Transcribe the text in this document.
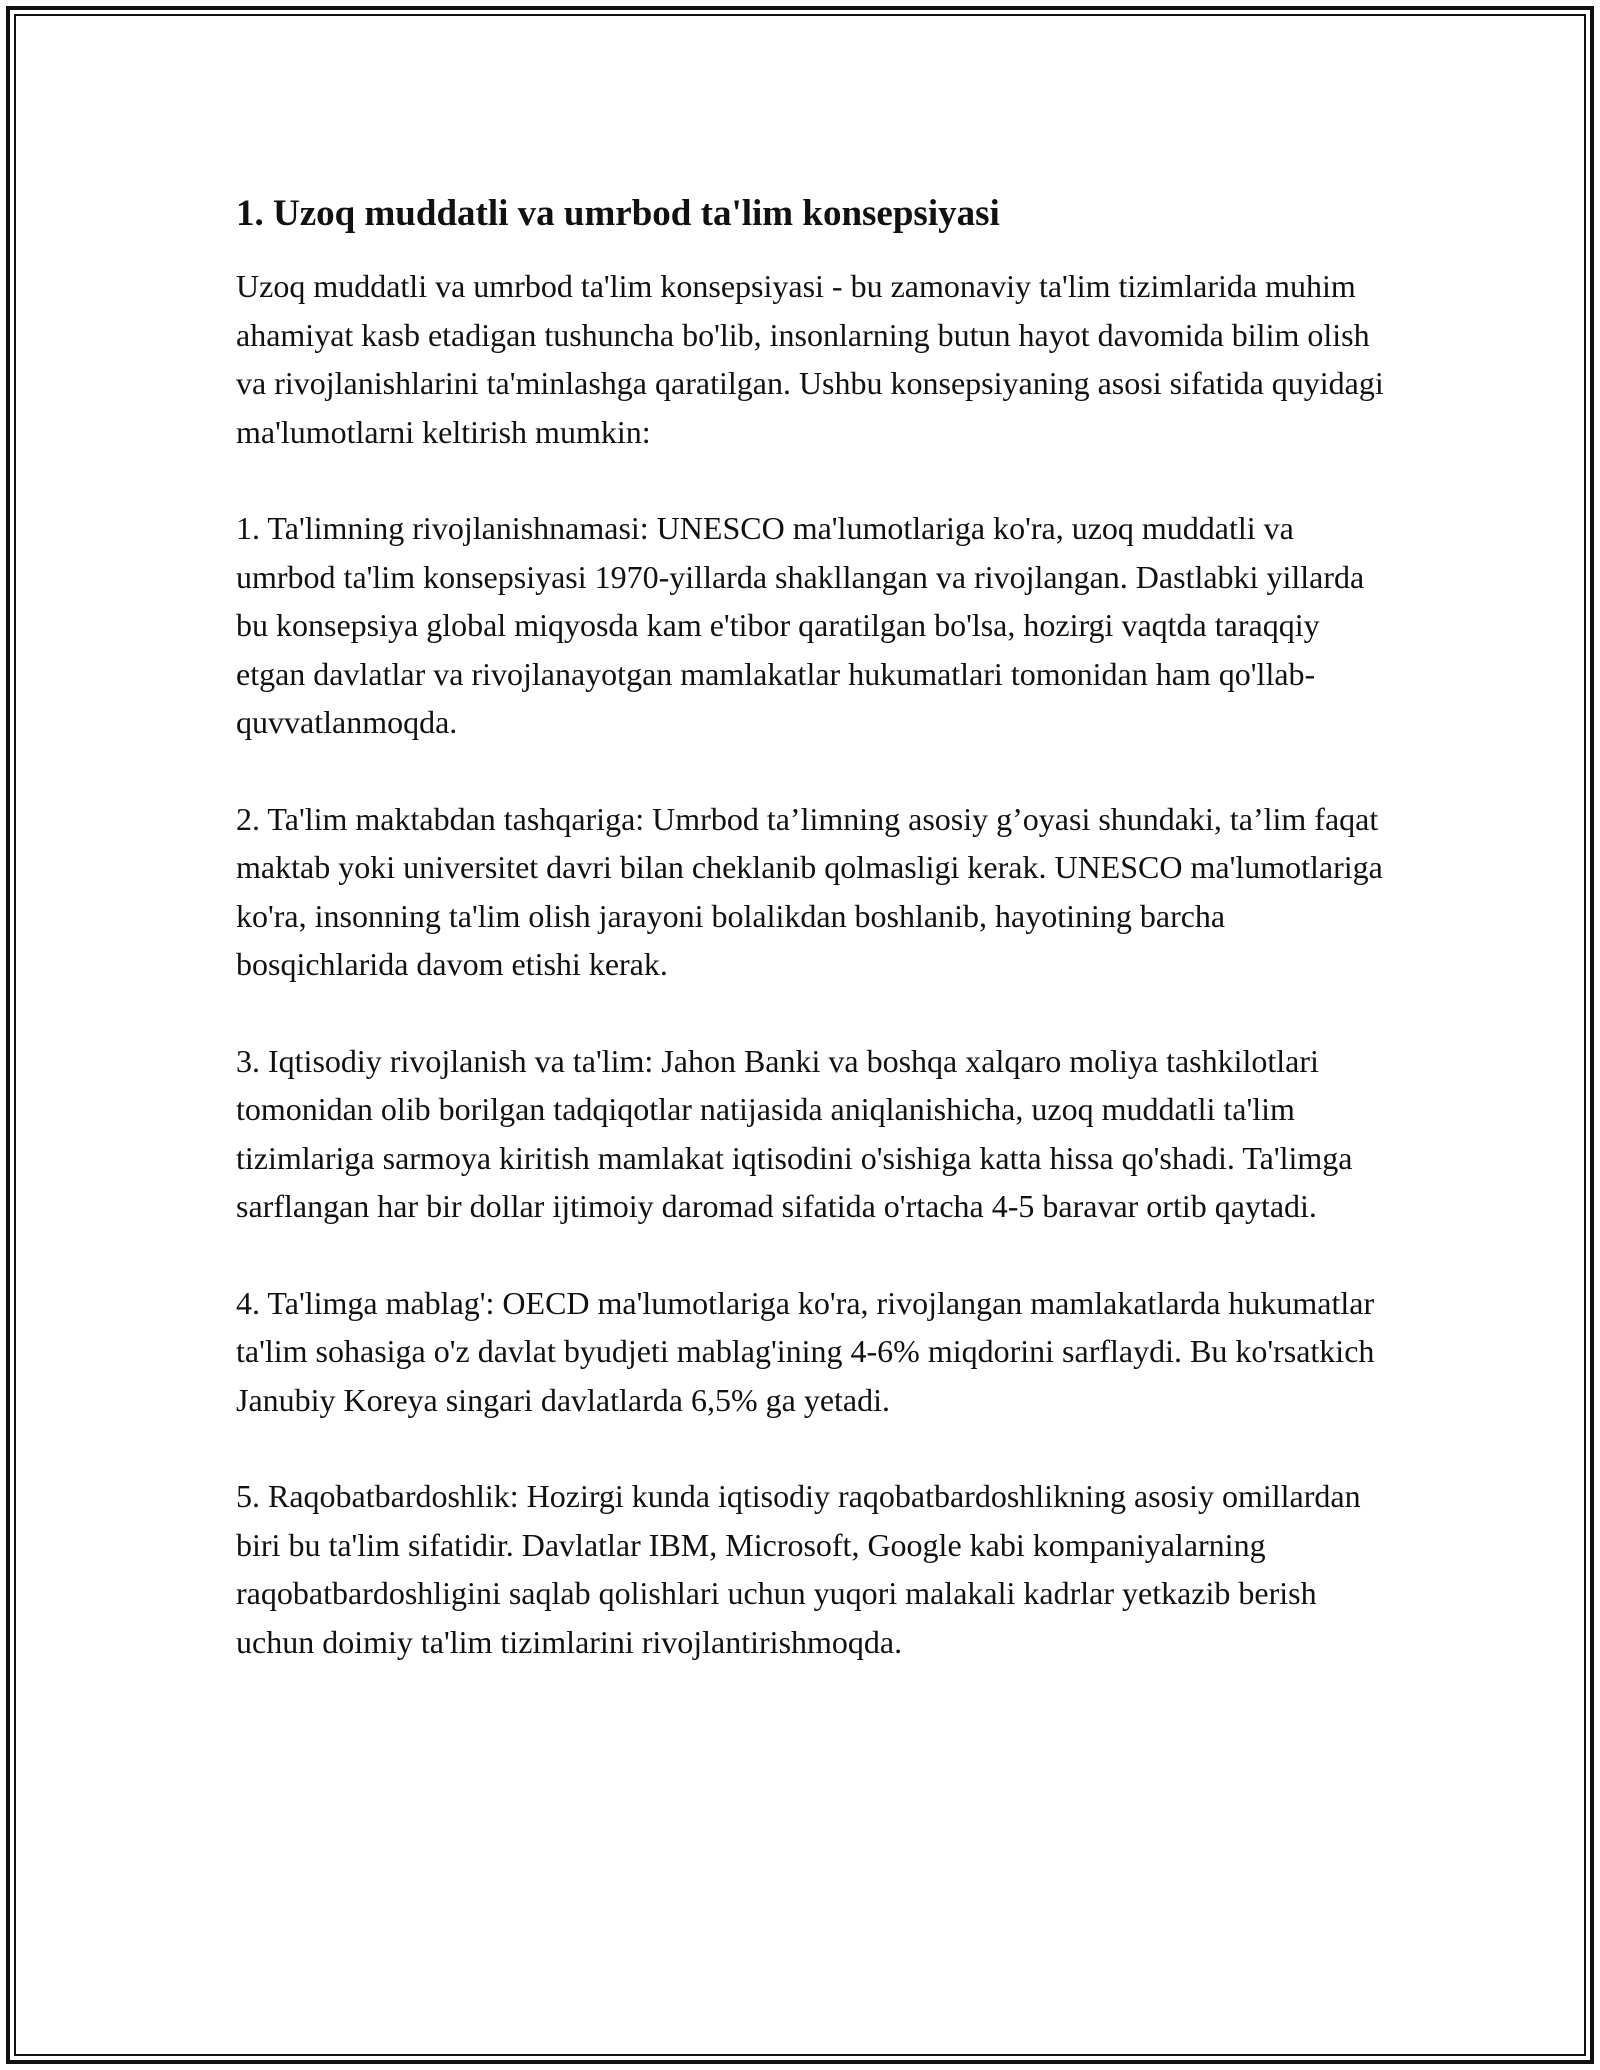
1. Uzoq muddatli va umrbod ta'lim konsepsiyasi

Uzoq muddatli va umrbod ta'lim konsepsiyasi - bu zamonaviy ta'lim tizimlarida muhim ahamiyat kasb etadigan tushuncha bo'lib, insonlarning butun hayot davomida bilim olish va rivojlanishlarini ta'minlashga qaratilgan. Ushbu konsepsiyaning asosi sifatida quyidagi ma'lumotlarni keltirish mumkin:

1. Ta'limning rivojlanishnamasi: UNESCO ma'lumotlariga ko'ra, uzoq muddatli va umrbod ta'lim konsepsiyasi 1970-yillarda shakllangan va rivojlangan. Dastlabki yillarda bu konsepsiya global miqyosda kam e'tibor qaratilgan bo'lsa, hozirgi vaqtda taraqqiy etgan davlatlar va rivojlanayotgan mamlakatlar hukumatlari tomonidan ham qo'llab-quvvatlanmoqda.

2. Ta'lim maktabdan tashqariga: Umrbod ta’limning asosiy g’oyasi shundaki, ta’lim faqat maktab yoki universitet davri bilan cheklanib qolmasligi kerak. UNESCO ma'lumotlariga ko'ra, insonning ta'lim olish jarayoni bolalikdan boshlanib, hayotining barcha bosqichlarida davom etishi kerak.

3. Iqtisodiy rivojlanish va ta'lim: Jahon Banki va boshqa xalqaro moliya tashkilotlari tomonidan olib borilgan tadqiqotlar natijasida aniqlanishicha, uzoq muddatli ta'lim tizimlariga sarmoya kiritish mamlakat iqtisodini o'sishiga katta hissa qo'shadi. Ta'limga sarflangan har bir dollar ijtimoiy daromad sifatida o'rtacha 4-5 baravar ortib qaytadi.

4. Ta'limga mablag': OECD ma'lumotlariga ko'ra, rivojlangan mamlakatlarda hukumatlar ta'lim sohasiga o'z davlat byudjeti mablag'ining 4-6% miqdorini sarflaydi. Bu ko'rsatkich Janubiy Koreya singari davlatlarda 6,5% ga yetadi.

5. Raqobatbardoshlik: Hozirgi kunda iqtisodiy raqobatbardoshlikning asosiy omillardan biri bu ta'lim sifatidir. Davlatlar IBM, Microsoft, Google kabi kompaniyalarning raqobatbardoshligini saqlab qolishlari uchun yuqori malakali kadrlar yetkazib berish uchun doimiy ta'lim tizimlarini rivojlantirishmoqda.
